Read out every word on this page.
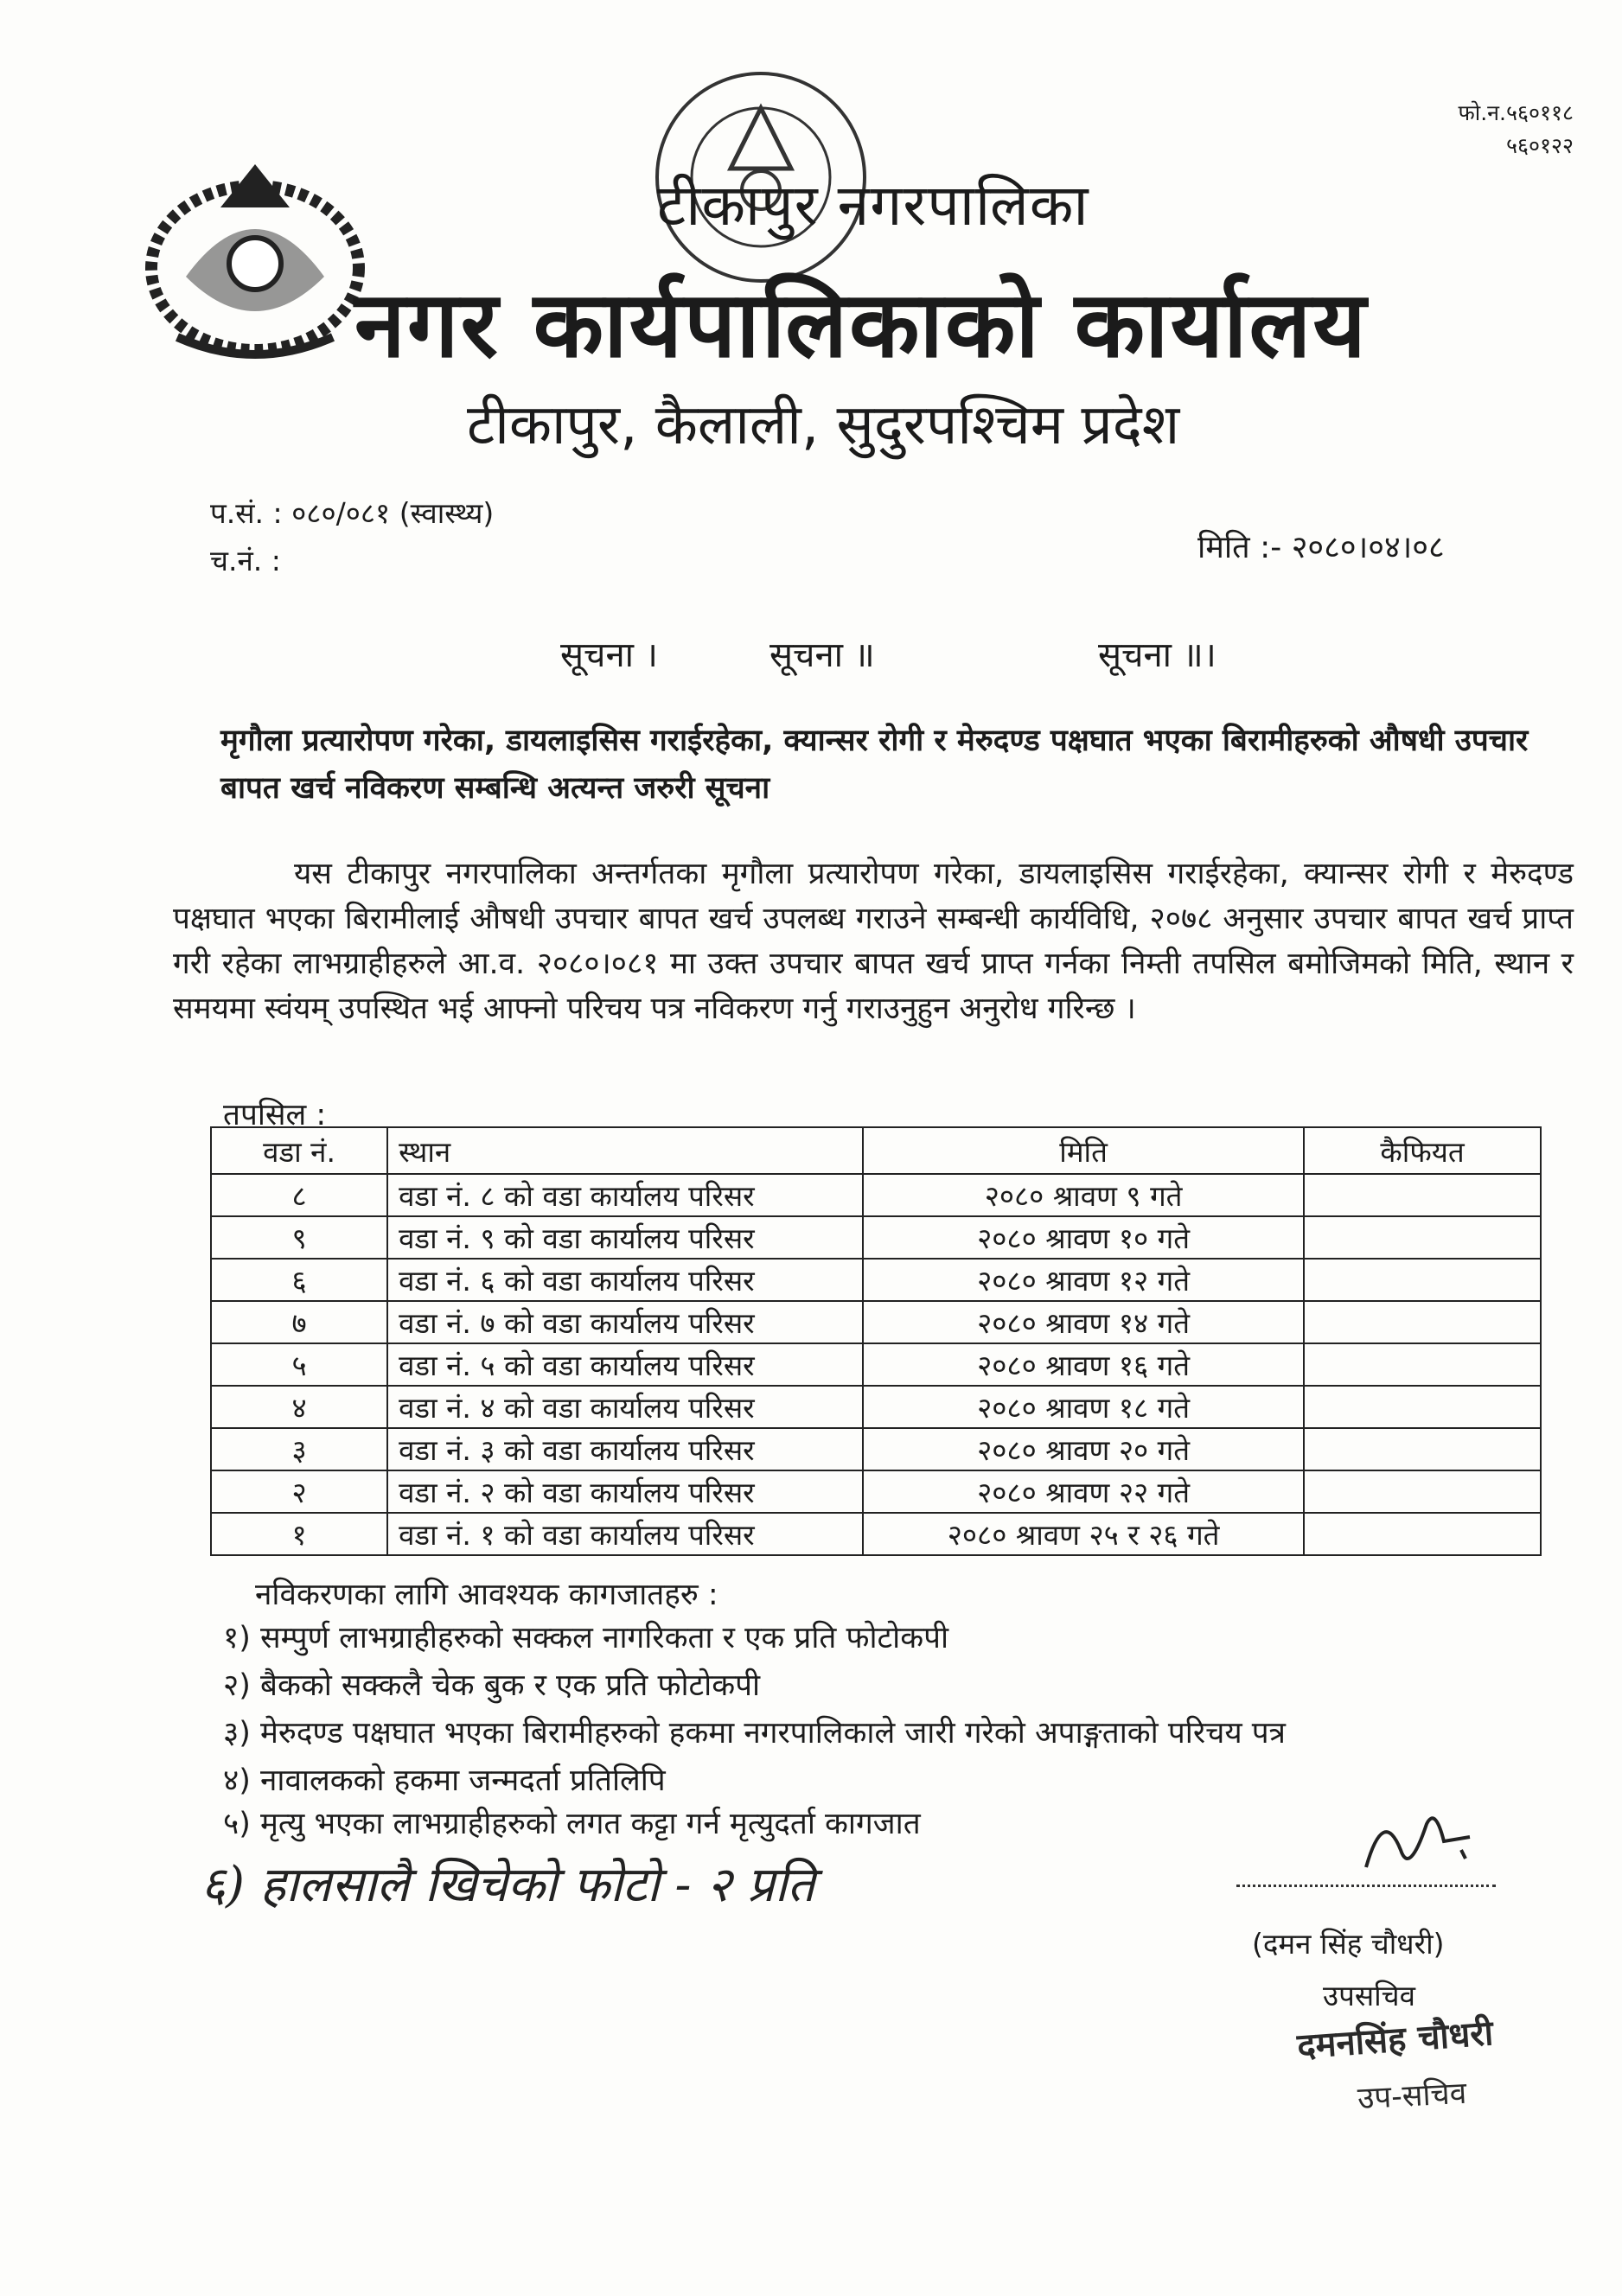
फो.न.५६०११८
५६०१२२
टीकापुर नगरपालिका
नगर कार्यपालिकाको कार्यालय
टीकापुर, कैलाली, सुदुरपश्चिम प्रदेश
प.सं. : ०८०/०८१ (स्वास्थ्य)
च.नं. :	मिति :- २०८०।०४।०८
सूचना ।	सूचना ॥	सूचना ॥।
मृगौला प्रत्यारोपण गरेका, डायलाइसिस गराईरहेका, क्यान्सर रोगी र मेरुदण्ड पक्षघात भएका बिरामीहरुको औषधी उपचार बापत खर्च नविकरण सम्बन्धि अत्यन्त जरुरी सूचना
यस टीकापुर नगरपालिका अन्तर्गतका मृगौला प्रत्यारोपण गरेका, डायलाइसिस गराईरहेका, क्यान्सर रोगी र मेरुदण्ड पक्षघात भएका बिरामीलाई औषधी उपचार बापत खर्च उपलब्ध गराउने सम्बन्धी कार्यविधि, २०७८ अनुसार उपचार बापत खर्च प्राप्त गरी रहेका लाभग्राहीहरुले आ.व. २०८०।०८१ मा उक्त उपचार बापत खर्च प्राप्त गर्नका निम्ती तपसिल बमोजिमको मिति, स्थान र समयमा स्वंयम् उपस्थित भई आफ्नो परिचय पत्र नविकरण गर्नु गराउनुहुन अनुरोध गरिन्छ ।
तपसिल :
वडा नं.	स्थान	मिति	कैफियत
८	वडा नं. ८ को वडा कार्यालय परिसर	२०८० श्रावण ९ गते	
९	वडा नं. ९ को वडा कार्यालय परिसर	२०८० श्रावण १० गते	
६	वडा नं. ६ को वडा कार्यालय परिसर	२०८० श्रावण १२ गते	
७	वडा नं. ७ को वडा कार्यालय परिसर	२०८० श्रावण १४ गते	
५	वडा नं. ५ को वडा कार्यालय परिसर	२०८० श्रावण १६ गते	
४	वडा नं. ४ को वडा कार्यालय परिसर	२०८० श्रावण १८ गते	
३	वडा नं. ३ को वडा कार्यालय परिसर	२०८० श्रावण २० गते	
२	वडा नं. २ को वडा कार्यालय परिसर	२०८० श्रावण २२ गते	
१	वडा नं. १ को वडा कार्यालय परिसर	२०८० श्रावण २५ र २६ गते	
नविकरणका लागि आवश्यक कागजातहरु :
१) सम्पुर्ण लाभग्राहीहरुको सक्कल नागरिकता र एक प्रति फोटोकपी
२) बैकको सक्कलै चेक बुक र एक प्रति फोटोकपी
३) मेरुदण्ड पक्षघात भएका बिरामीहरुको हकमा नगरपालिकाले जारी गरेको अपाङ्गताको परिचय पत्र
४) नावालकको हकमा जन्मदर्ता प्रतिलिपि
५) मृत्यु भएका लाभग्राहीहरुको लगत कट्टा गर्न मृत्युदर्ता कागजात
६) हालसालै खिचेको फोटो - २ प्रति
(दमन सिंह चौधरी)
उपसचिव
दमनसिंह चौधरी
उप-सचिव
